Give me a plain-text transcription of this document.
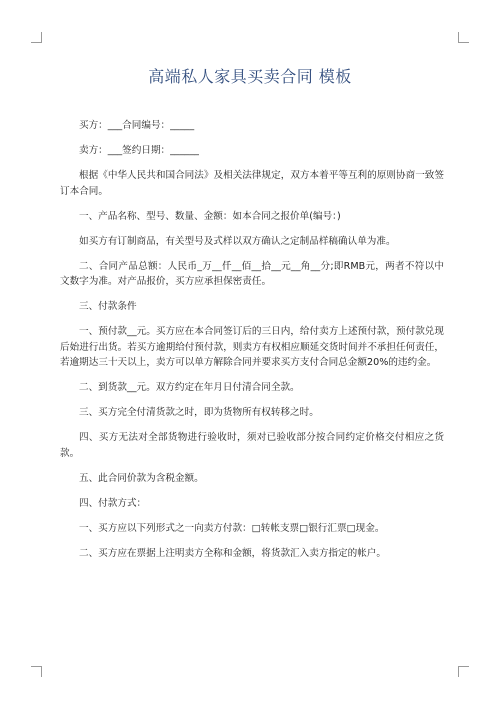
高端私人家具买卖合同 模板

买方：___合同编号：_____

卖方：___签约日期：______

根据《中华人民共和国合同法》及相关法律规定，双方本着平等互利的原则协商一致签订本合同。

一、产品名称、型号、数量、金额：如本合同之报价单(编号：)

如买方有订制商品，有关型号及式样以双方确认之定制品样稿确认单为准。

二、合同产品总额：人民币_万__仟__佰__拾__元__角__分;即RMB元，两者不符以中文数字为准。对产品报价，买方应承担保密责任。

三、付款条件

一、预付款__元。买方应在本合同签订后的三日内，给付卖方上述预付款，预付款兑现后始进行出货。若买方逾期给付预付款，则卖方有权相应顺延交货时间并不承担任何责任，若逾期达三十天以上，卖方可以单方解除合同并要求买方支付合同总金额20%的违约金。

二、到货款__元。双方约定在年月日付清合同全款。

三、买方完全付清货款之时，即为货物所有权转移之时。

四、买方无法对全部货物进行验收时，须对已验收部分按合同约定价格交付相应之货款。

五、此合同价款为含税金额。

四、付款方式：

一、买方应以下列形式之一向卖方付款：□转帐支票□银行汇票□现金。

二、买方应在票据上注明卖方全称和金额，将货款汇入卖方指定的帐户。
